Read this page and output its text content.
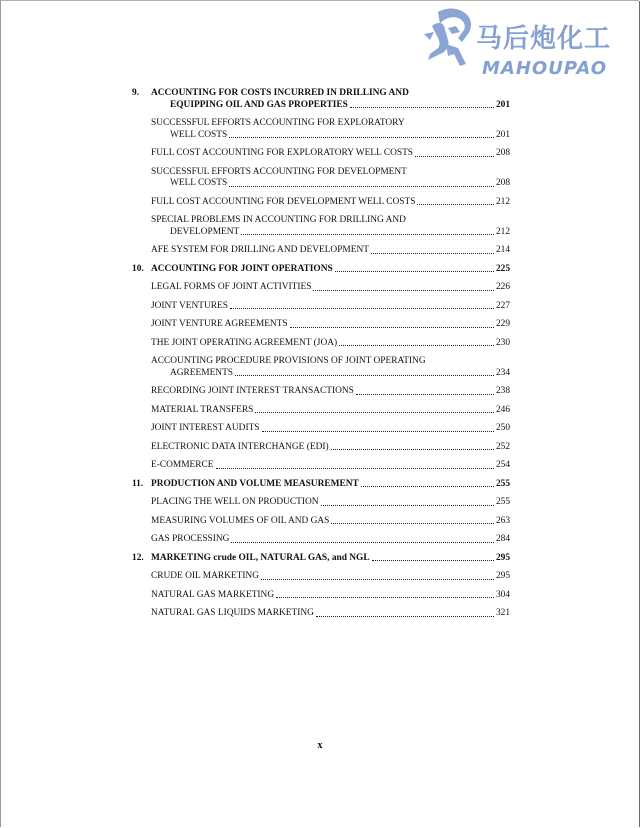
马后炮化工
MAHOUPAO
9.	ACCOUNTING FOR COSTS INCURRED IN DRILLING AND
EQUIPPING OIL AND GAS PROPERTIES	201
SUCCESSFUL EFFORTS ACCOUNTING FOR EXPLORATORY
WELL COSTS	201
FULL COST ACCOUNTING FOR EXPLORATORY WELL COSTS	208
SUCCESSFUL EFFORTS ACCOUNTING FOR DEVELOPMENT
WELL COSTS	208
FULL COST ACCOUNTING FOR DEVELOPMENT WELL COSTS	212
SPECIAL PROBLEMS IN ACCOUNTING FOR DRILLING AND
DEVELOPMENT	212
AFE SYSTEM FOR DRILLING AND DEVELOPMENT	214
10. ACCOUNTING FOR JOINT OPERATIONS	225
LEGAL FORMS OF JOINT ACTIVITIES	226
JOINT VENTURES	227
JOINT VENTURE AGREEMENTS	229
THE JOINT OPERATING AGREEMENT (JOA)	230
ACCOUNTING PROCEDURE PROVISIONS OF JOINT OPERATING
AGREEMENTS	234
RECORDING JOINT INTEREST TRANSACTIONS	238
MATERIAL TRANSFERS	246
JOINT INTEREST AUDITS	250
ELECTRONIC DATA INTERCHANGE (EDI)	252
E-COMMERCE	254
11. PRODUCTION AND VOLUME MEASUREMENT	255
PLACING THE WELL ON PRODUCTION	255
MEASURING VOLUMES OF OIL AND GAS	263
GAS PROCESSING	284
12. MARKETING crude OIL, NATURAL GAS, and NGL	295
CRUDE OIL MARKETING	295
NATURAL GAS MARKETING	304
NATURAL GAS LIQUIDS MARKETING	321
x
